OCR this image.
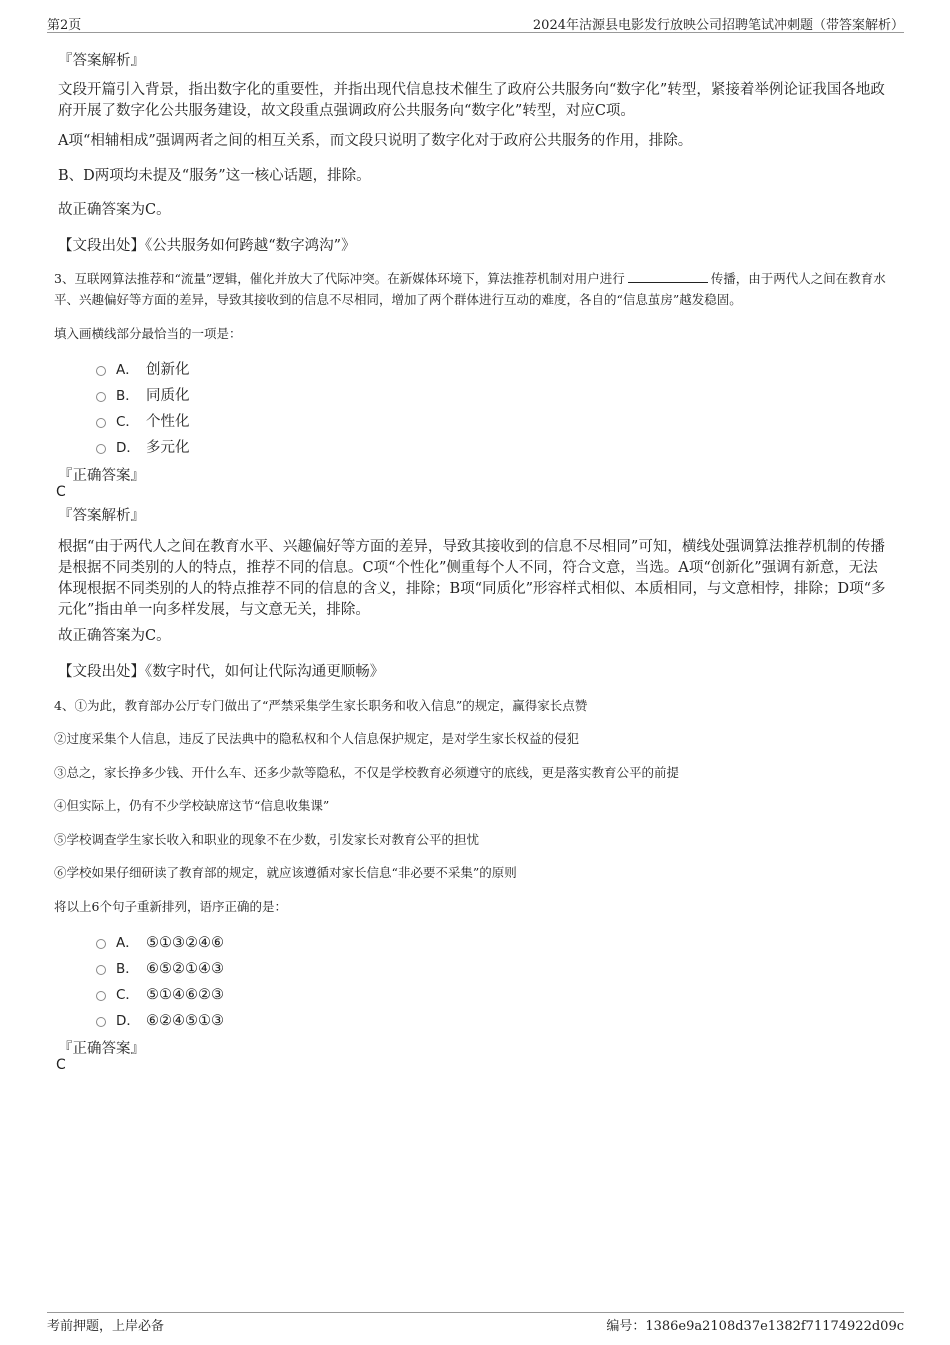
第2页	2024年沽源县电影发行放映公司招聘笔试冲刺题（带答案解析）
『答案解析』
文段开篇引入背景，指出数字化的重要性，并指出现代信息技术催生了政府公共服务向“数字化”转型，紧接着举例论证我国各地政府开展了数字化公共服务建设，故文段重点强调政府公共服务向“数字化”转型，对应C项。
A项“相辅相成”强调两者之间的相互关系，而文段只说明了数字化对于政府公共服务的作用，排除。
B、D两项均未提及“服务”这一核心话题，排除。
故正确答案为C。
【文段出处】《公共服务如何跨越“数字鸿沟”》
3、互联网算法推荐和“流量”逻辑，催化并放大了代际冲突。在新媒体环境下，算法推荐机制对用户进行	传播，由于两代人之间在教育水平、兴趣偏好等方面的差异，导致其接收到的信息不尽相同，增加了两个群体进行互动的难度，各自的“信息茧房”越发稳固。
填入画横线部分最恰当的一项是：
A． 创新化
B． 同质化
C． 个性化
D． 多元化
『正确答案』
C
『答案解析』
根据“由于两代人之间在教育水平、兴趣偏好等方面的差异，导致其接收到的信息不尽相同”可知，横线处强调算法推荐机制的传播是根据不同类别的人的特点，推荐不同的信息。C项“个性化”侧重每个人不同，符合文意，当选。A项“创新化”强调有新意，无法体现根据不同类别的人的特点推荐不同的信息的含义，排除；B项“同质化”形容样式相似、本质相同，与文意相悖，排除；D项“多元化”指由单一向多样发展，与文意无关，排除。
故正确答案为C。
【文段出处】《数字时代，如何让代际沟通更顺畅》
4、①为此，教育部办公厅专门做出了“严禁采集学生家长职务和收入信息”的规定，赢得家长点赞
②过度采集个人信息，违反了民法典中的隐私权和个人信息保护规定，是对学生家长权益的侵犯
③总之，家长挣多少钱、开什么车、还多少款等隐私，不仅是学校教育必须遵守的底线，更是落实教育公平的前提
④但实际上，仍有不少学校缺席这节“信息收集课”
⑤学校调查学生家长收入和职业的现象不在少数，引发家长对教育公平的担忧
⑥学校如果仔细研读了教育部的规定，就应该遵循对家长信息“非必要不采集”的原则
将以上6个句子重新排列，语序正确的是：
A． ⑤①③②④⑥
B． ⑥⑤②①④③
C． ⑤①④⑥②③
D． ⑥②④⑤①③
『正确答案』
C
考前押题，上岸必备	编号：1386e9a2108d37e1382f71174922d09c
